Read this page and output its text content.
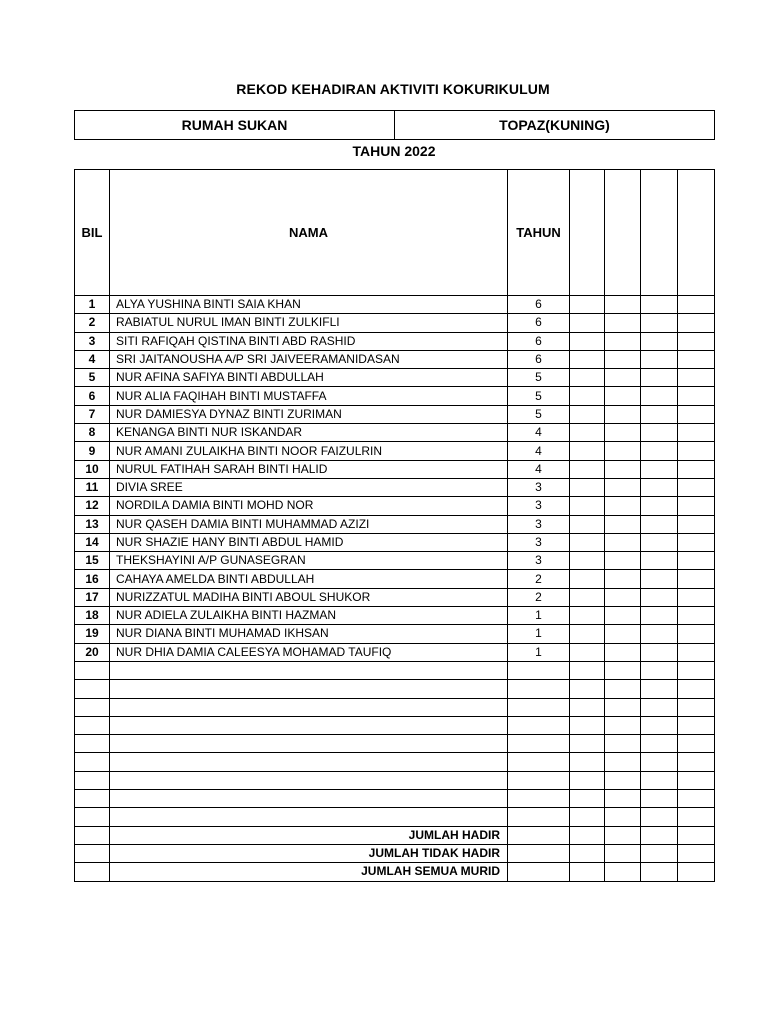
REKOD KEHADIRAN AKTIVITI KOKURIKULUM
RUMAH SUKAN	TOPAZ(KUNING)
TAHUN 2022
BIL	NAMA	TAHUN				
1	ALYA YUSHINA BINTI SAIA KHAN	6				
2	RABIATUL NURUL IMAN BINTI ZULKIFLI	6				
3	SITI RAFIQAH QISTINA BINTI ABD RASHID	6				
4	SRI JAITANOUSHA A/P SRI JAIVEERAMANIDASAN	6				
5	NUR AFINA SAFIYA BINTI ABDULLAH	5				
6	NUR ALIA FAQIHAH BINTI MUSTAFFA	5				
7	NUR DAMIESYA DYNAZ BINTI ZURIMAN	5				
8	KENANGA BINTI NUR ISKANDAR	4				
9	NUR AMANI ZULAIKHA BINTI NOOR FAIZULRIN	4				
10	NURUL FATIHAH SARAH BINTI HALID	4				
11	DIVIA SREE	3				
12	NORDILA DAMIA BINTI MOHD NOR	3				
13	NUR QASEH DAMIA BINTI MUHAMMAD AZIZI	3				
14	NUR SHAZIE HANY BINTI ABDUL HAMID	3				
15	THEKSHAYINI A/P GUNASEGRAN	3				
16	CAHAYA AMELDA BINTI ABDULLAH	2				
17	NURIZZATUL MADIHA BINTI ABOUL SHUKOR	2				
18	NUR ADIELA ZULAIKHA BINTI HAZMAN	1				
19	NUR DIANA BINTI MUHAMAD IKHSAN	1				
20	NUR DHIA DAMIA CALEESYA MOHAMAD TAUFIQ	1				

	JUMLAH HADIR					
	JUMLAH TIDAK HADIR					
	JUMLAH SEMUA MURID					
